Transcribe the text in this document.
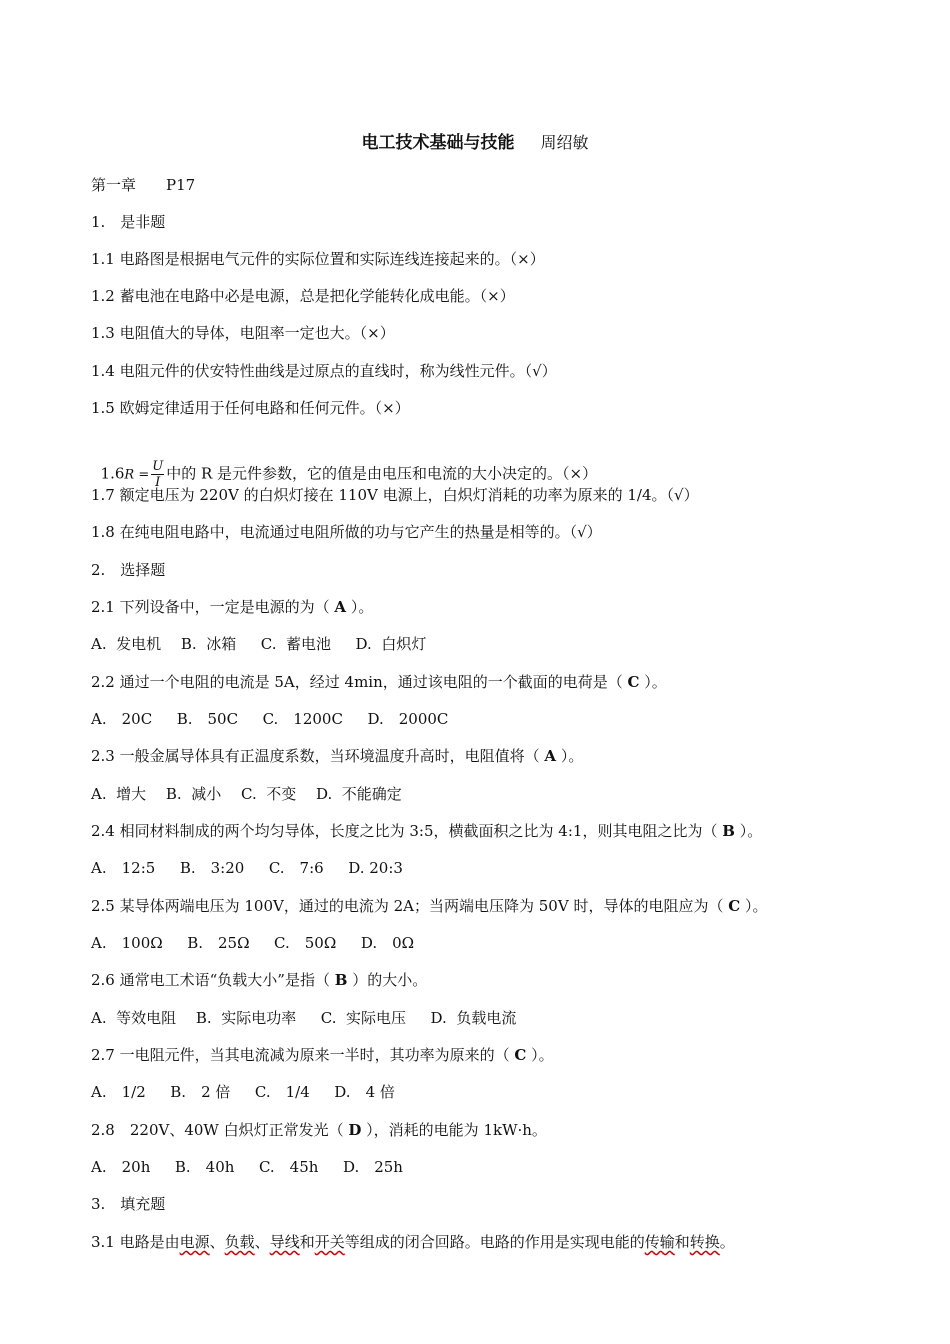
电工技术基础与技能 周绍敏
第一章　　P17
1.　是非题
1.1 电路图是根据电气元件的实际位置和实际连线连接起来的。（×）
1.2 蓄电池在电路中必是电源，总是把化学能转化成电能。（×）
1.3 电阻值大的导体，电阻率一定也大。（×）
1.4 电阻元件的伏安特性曲线是过原点的直线时，称为线性元件。（√）
1.5 欧姆定律适用于任何电路和任何元件。（×）

$1.6R = \frac{U}{I}$ 中的 R 是元件参数，它的值是由电压和电流的大小决定的。（×）

1.7 额定电压为 220V 的白炽灯接在 110V 电源上，白炽灯消耗的功率为原来的 1/4。（√）
1.8 在纯电阻电路中，电流通过电阻所做的功与它产生的热量是相等的。（√）
2.　选择题
2.1 下列设备中，一定是电源的为（ A ）。
A.  发电机　 B.  冰箱　  C.  蓄电池　  D.  白炽灯
2.2 通过一个电阻的电流是 5A，经过 4min，通过该电阻的一个截面的电荷是（ C ）。
A.　20C　  B.　50C　  C.　1200C　  D.　2000C
2.3 一般金属导体具有正温度系数，当环境温度升高时，电阻值将（ A ）。
A.  增大　 B.  减小　 C.  不变　 D.  不能确定
2.4 相同材料制成的两个均匀导体，长度之比为 3:5，横截面积之比为 4:1，则其电阻之比为（ B ）。
A.　12:5　  B.　3:20　  C.　7:6　  D. 20:3
2.5 某导体两端电压为 100V，通过的电流为 2A；当两端电压降为 50V 时，导体的电阻应为（ C ）。
A.　100Ω　  B.　25Ω　  C.　50Ω　  D.　0Ω
2.6 通常电工术语“负载大小”是指（ B ）的大小。
A.  等效电阻　 B.  实际电功率　  C.  实际电压　  D.  负载电流
2.7 一电阻元件，当其电流减为原来一半时，其功率为原来的（ C ）。
A.　1/2　  B.　2 倍　  C.　1/4　  D.　4 倍
2.8　220V、40W 白炽灯正常发光（ D ），消耗的电能为 1kW·h。
A.　20h　  B.　40h　  C.　45h　  D.　25h
3.　填充题
3.1 电路是由电源、负载、导线和开关等组成的闭合回路。电路的作用是实现电能的传输和转换。
